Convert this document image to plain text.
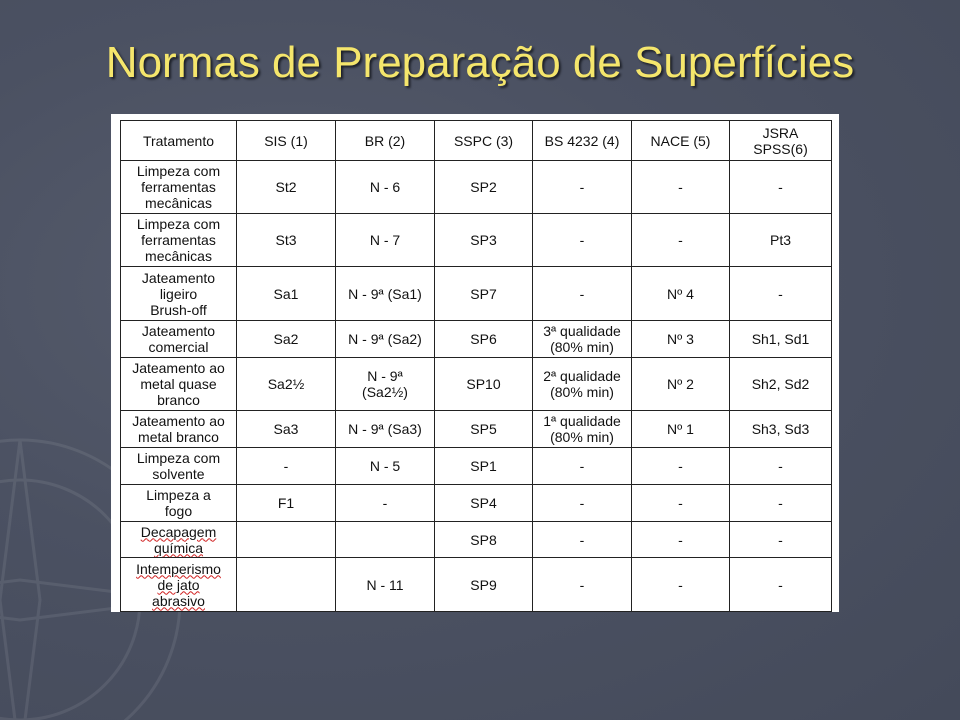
Normas de Preparação de Superfícies
Tratamento	SIS (1)	BR (2)	SSPC (3)	BS 4232 (4)	NACE (5)	JSRA
SPSS(6)
Limpeza com
ferramentas
mecânicas	St2	N - 6	SP2	-	-	-
Limpeza com
ferramentas
mecânicas	St3	N - 7	SP3	-	-	Pt3
Jateamento
ligeiro
Brush-off	Sa1	N - 9ª (Sa1)	SP7	-	Nº 4	-
Jateamento
comercial	Sa2	N - 9ª (Sa2)	SP6	3ª qualidade
(80% min)	Nº 3	Sh1, Sd1
Jateamento ao
metal quase
branco	Sa2½	N - 9ª
(Sa2½)	SP10	2ª qualidade
(80% min)	Nº 2	Sh2, Sd2
Jateamento ao
metal branco	Sa3	N - 9ª (Sa3)	SP5	1ª qualidade
(80% min)	Nº 1	Sh3, Sd3
Limpeza com
solvente	-	N - 5	SP1	-	-	-
Limpeza a
fogo	F1	-	SP4	-	-	-
Decapagem
química			SP8	-	-	-
Intemperismo
de jato
abrasivo		N - 11	SP9	-	-	-
